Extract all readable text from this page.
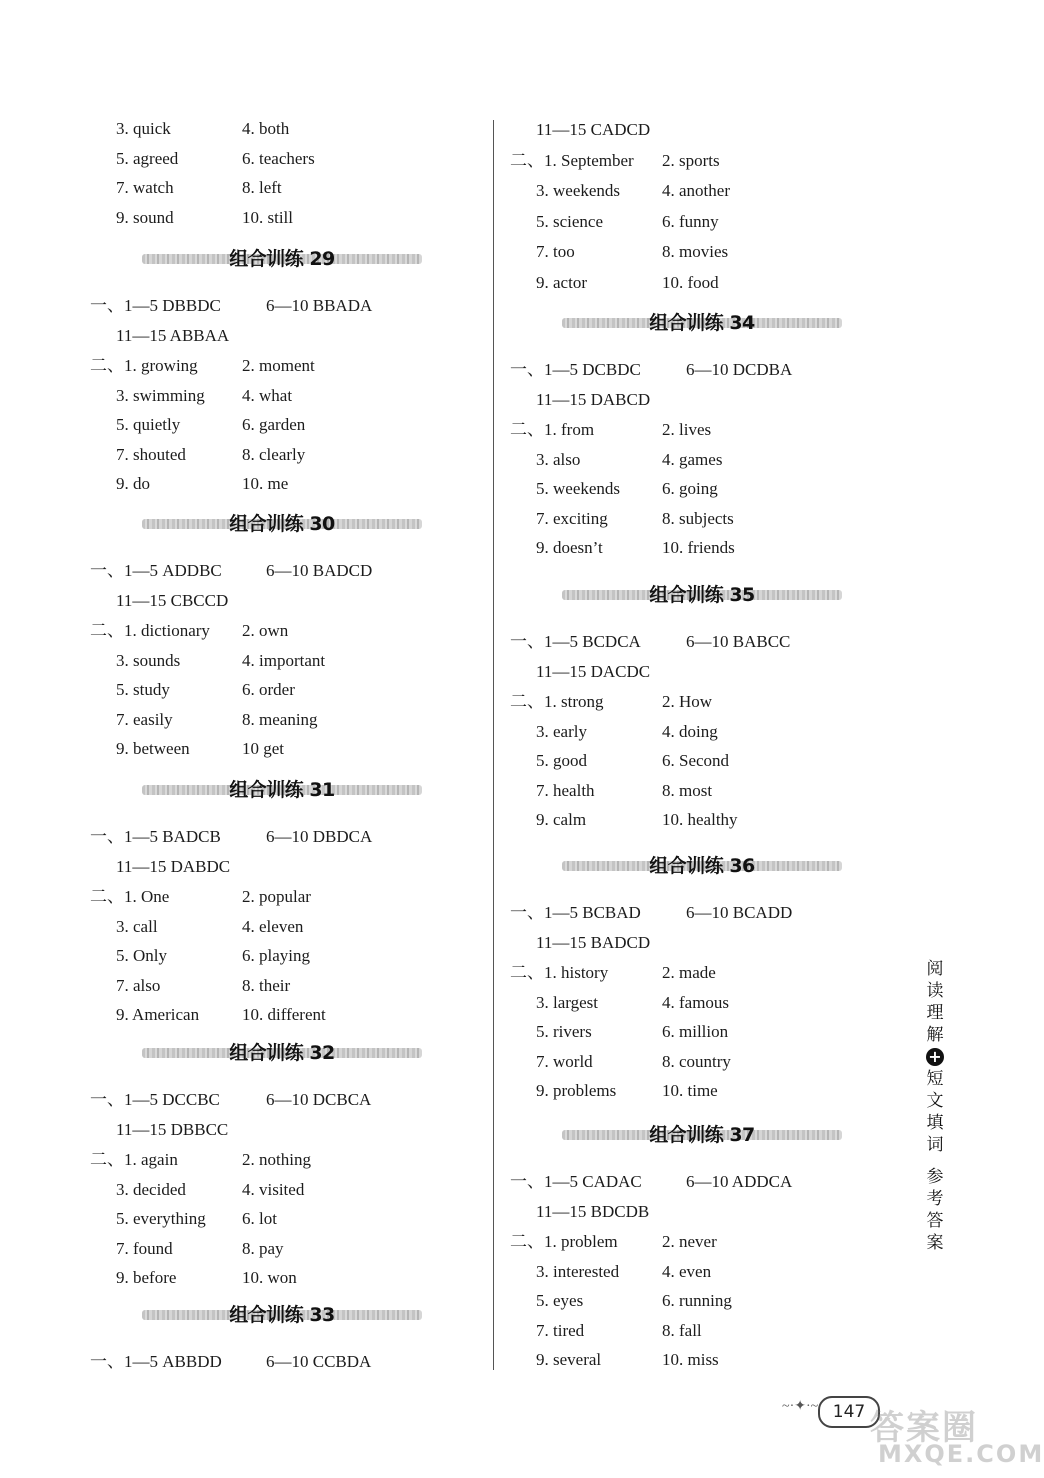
3. quick	4. both
5. agreed	6. teachers
7. watch	8. left
9. sound	10. still
组合训练 29
一、1—5 DBBDC	6—10 BBADA
11—15 ABBAA
二、1. growing	2. moment
3. swimming 4. what
5. quietly	6. garden
7. shouted	8. clearly
9. do	10. me
组合训练 30
一、1—5 ADDBC	6—10 BADCD
11—15 CBCCD
二、1. dictionary 2. own
3. sounds	4. important
5. study	6. order
7. easily	8. meaning
9. between	10 get
组合训练 31
一、1—5 BADCB	6—10 DBDCA
11—15 DABDC
二、1. One	2. popular
3. call	4. eleven
5. Only	6. playing
7. also	8. their
9. American	10. different
组合训练 32
一、1—5 DCCBC	6—10 DCBCA
11—15 DBBCC
二、1. again	2. nothing
3. decided	4. visited
5. everything 6. lot
7. found	8. pay
9. before	10. won
组合训练 33
一、1—5 ABBDD	6—10 CCBDA
11—15 CADCD
二、1. September 2. sports
3. weekends 4. another
5. science	6. funny
7. too	8. movies
9. actor	10. food
组合训练 34
一、1—5 DCBDC	6—10 DCDBA
11—15 DABCD
二、1. from	2. lives
3. also	4. games
5. weekends 6. going
7. exciting	8. subjects
9. doesn’t	10. friends
组合训练 35
一、1—5 BCDCA	6—10 BABCC
11—15 DACDC
二、1. strong	2. How
3. early	4. doing
5. good	6. Second
7. health	8. most
9. calm	10. healthy
组合训练 36
一、1—5 BCBAD	6—10 BCADD
11—15 BADCD
二、1. history	2. made
3. largest	4. famous
5. rivers	6. million
7. world	8. country
9. problems	10. time
组合训练 37
一、1—5 CADAC	6—10 ADDCA
11—15 BDCDB
二、1. problem	2. never
3. interested	4. even
5. eyes	6. running
7. tired	8. fall
9. several	10. miss
阅
读
理
解
+
短
文
填
词
参
考
答
案
~·✦·~ 147 答案圈
MXQE.COM
